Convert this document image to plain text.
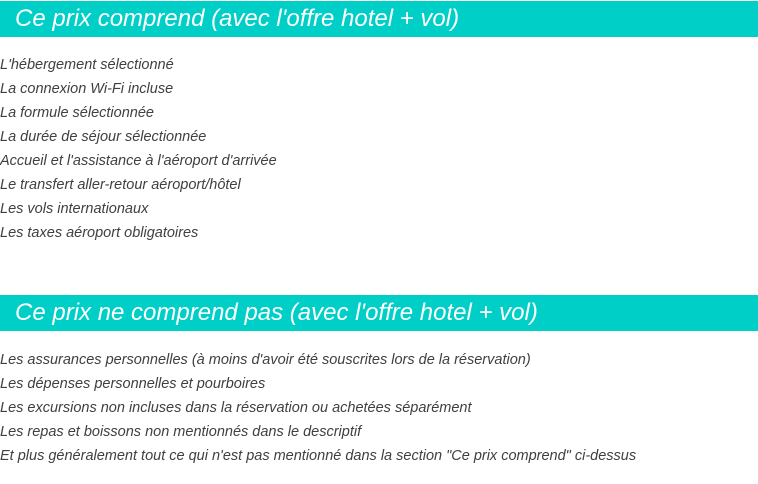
Ce prix comprend (avec l'offre hotel + vol)
L'hébergement sélectionné
La connexion Wi-Fi incluse
La formule sélectionnée
La durée de séjour sélectionnée
Accueil et l'assistance à l'aéroport d'arrivée
Le transfert aller-retour aéroport/hôtel
Les vols internationaux
Les taxes aéroport obligatoires
Ce prix ne comprend pas (avec l'offre hotel + vol)
Les assurances personnelles (à moins d'avoir été souscrites lors de la réservation)
Les dépenses personnelles et pourboires
Les excursions non incluses dans la réservation ou achetées séparément
Les repas et boissons non mentionnés dans le descriptif
Et plus généralement tout ce qui n'est pas mentionné dans la section "Ce prix comprend" ci-dessus
